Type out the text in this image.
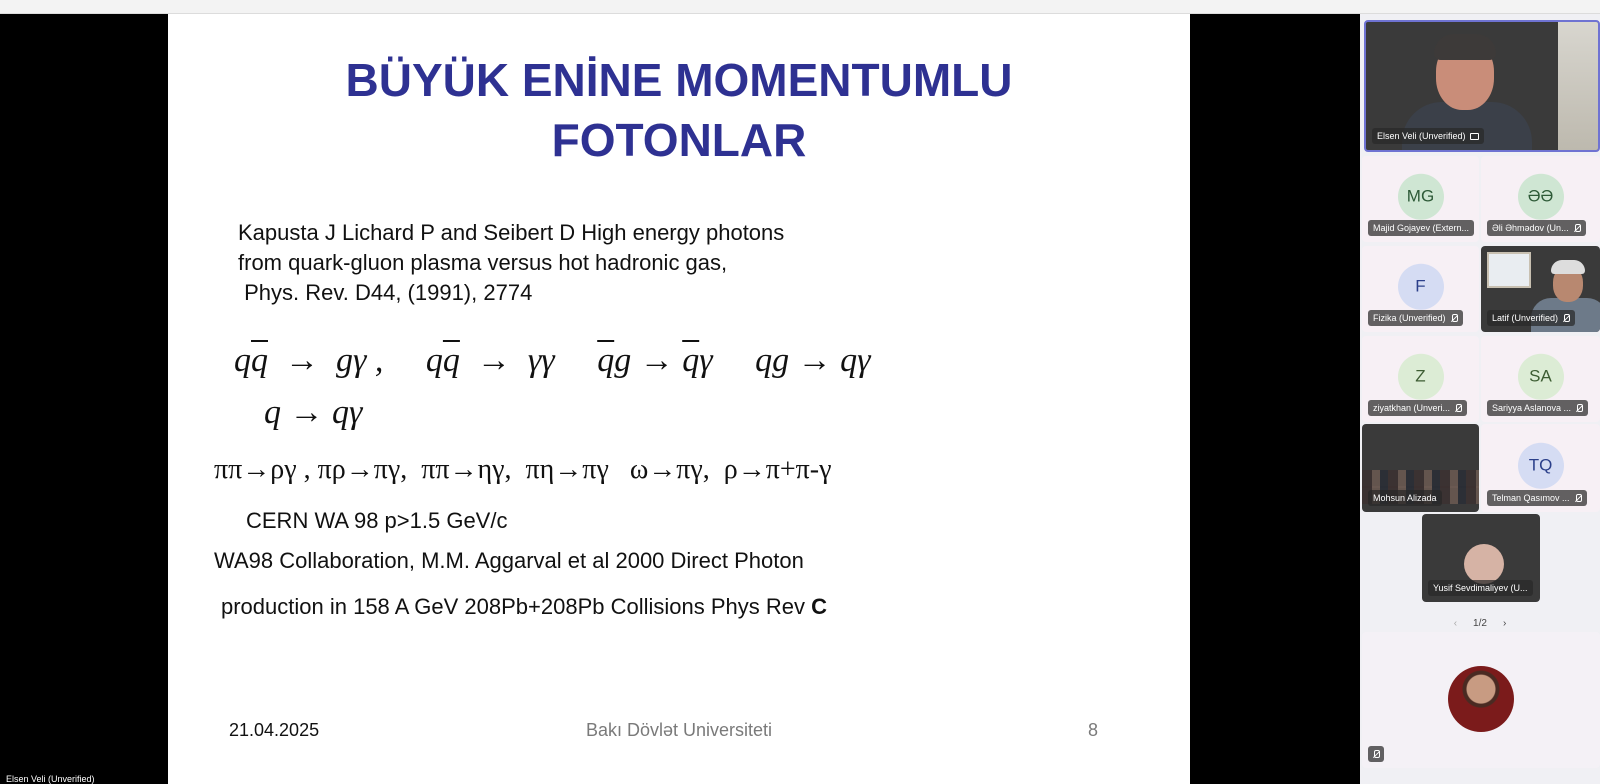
BÜYÜK ENİNE MOMENTUMLU
FOTONLAR
Kapusta J Lichard P and Seibert D High energy photons
from quark-gluon plasma versus hot hadronic gas,
Phys. Rev. D44, (1991), 2774
$q\overline{q} \to g\gamma$ ,     $q\overline{q} \to \gamma\gamma$     $\overline{q}g \to \overline{q}\gamma$     qg → qγ
q → qγ
ππ→ργ , πρ→πγ,  ππ→ηγ,  πη→πγ   ω→πγ,  ρ→π+π-γ
CERN WA 98 p>1.5 GeV/c
WA98 Collaboration, M.M. Aggarval et al 2000 Direct Photon
production in 158 A GeV 208Pb+208Pb Collisions Phys Rev C
21.04.2025	Bakı Dövlət Universiteti	8
Elsen Veli (Unverified)
Elsen Veli (Unverified)
MG
Majid Gojayev (Extern...
ƏƏ
Əli Əhmədov (Un...
F
Fizika (Unverified)	Latif (Unverified)
Z
ziyatkhan (Unveri...
SA
Sariyya Aslanova ...
Mohsun Alizada
TQ
Telman Qasımov ...
Yusif Sevdimaliyev (U...
‹ 1/2 ›
